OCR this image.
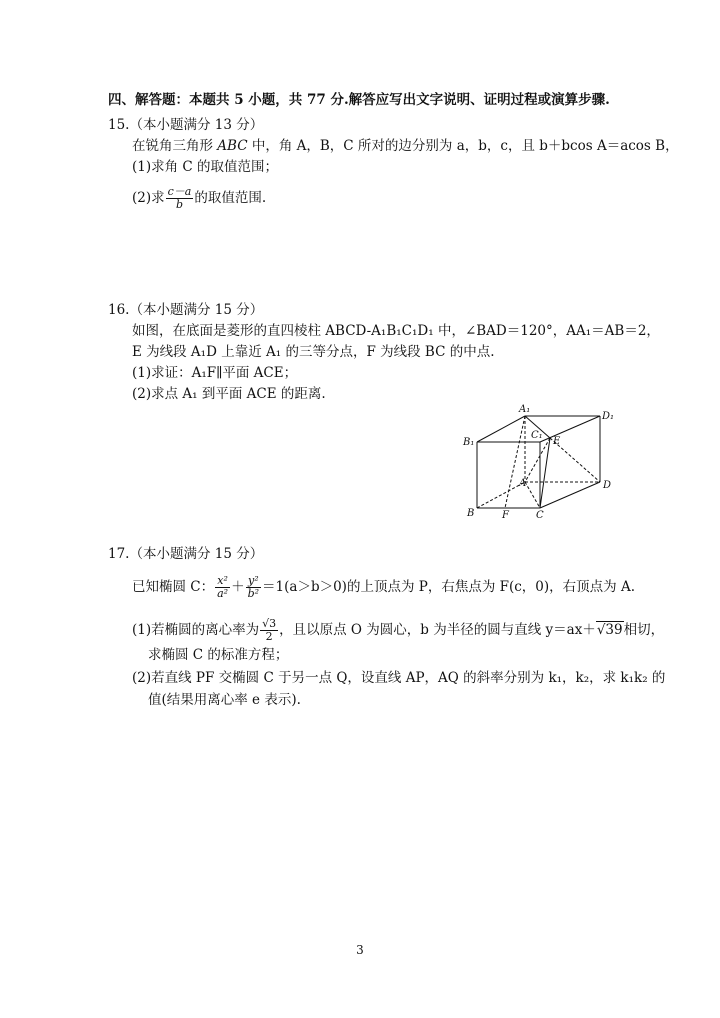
四、解答题：本题共 5 小题，共 77 分.解答应写出文字说明、证明过程或演算步骤.
15.（本小题满分 13 分）
在锐角三角形 ABC 中，角 A，B，C 所对的边分别为 a，b，c，且 b＋bcos A＝acos B，
(1)求角 C 的取值范围；
(2)求 $\frac{c-a}{b}$ 的取值范围.
16.（本小题满分 15 分）
如图，在底面是菱形的直四棱柱 ABCD-A₁B₁C₁D₁ 中，∠BAD＝120°，AA₁＝AB＝2，
E 为线段 A₁D 上靠近 A₁ 的三等分点，F 为线段 BC 的中点.
(1)求证：A₁F∥平面 ACE；
(2)求点 A₁ 到平面 ACE 的距离.
A₁
D₁
B₁
C₁
E
A	D
B	F	C
17.（本小题满分 15 分）
已知椭圆 C： $\frac{\text{x²}}{\text{a²}} + \frac{\text{y²}}{\text{b²}} =1(a>b>0)$的上顶点为 P，右焦点为 F(c，0)，右顶点为 A.
(1)若椭圆的离心率为 $\frac{√3}{2}$ ，且以原点 O 为圆心，b 为半径的圆与直线 y＝ax＋√39相切，
求椭圆 C 的标准方程；
(2)若直线 PF 交椭圆 C 于另一点 Q，设直线 AP，AQ 的斜率分别为 k₁，k₂，求 k₁k₂ 的
值(结果用离心率 e 表示).
3
